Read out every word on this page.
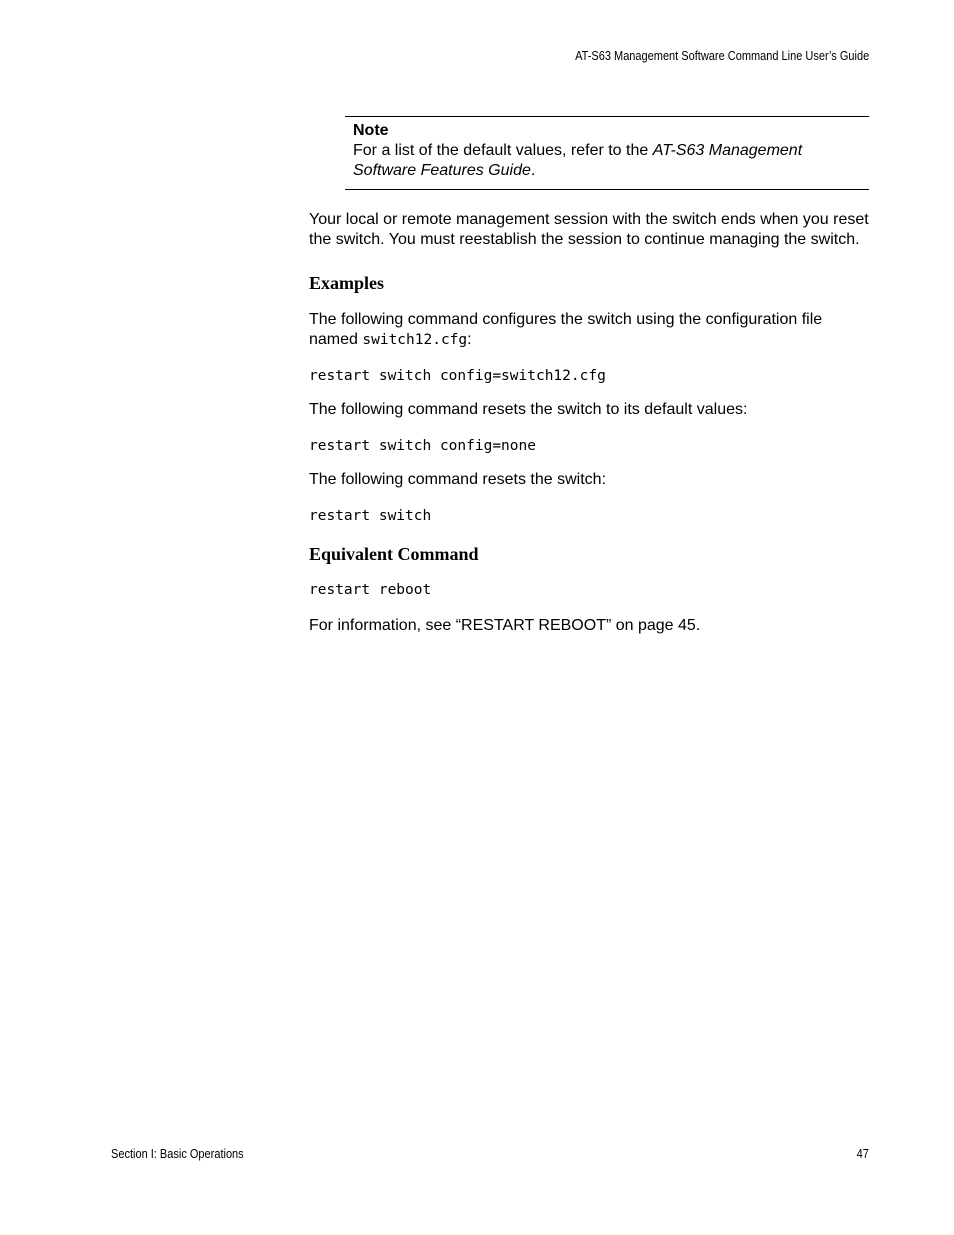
AT-S63 Management Software Command Line User’s Guide
Note
For a list of the default values, refer to the AT-S63 Management Software Features Guide.

Your local or remote management session with the switch ends when you reset the switch. You must reestablish the session to continue managing the switch.

Examples

The following command configures the switch using the configuration file named switch12.cfg:

restart switch config=switch12.cfg

The following command resets the switch to its default values:

restart switch config=none

The following command resets the switch:

restart switch
Equivalent Command
restart reboot

For information, see “RESTART REBOOT” on page 45.

Section I: Basic Operations	47
